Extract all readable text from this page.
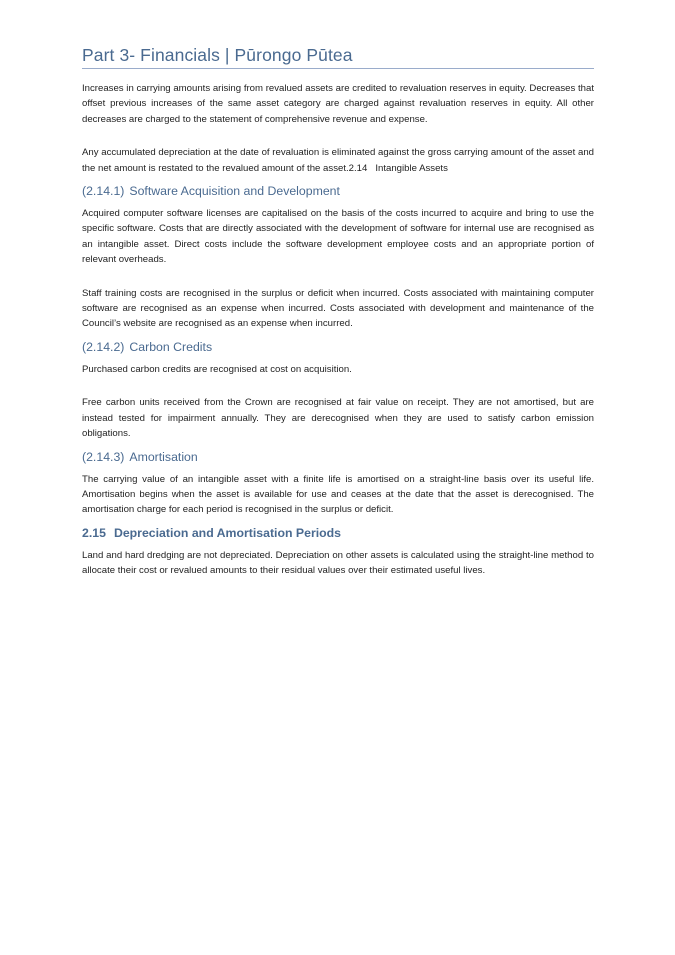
Part 3- Financials | Pūrongo Pūtea

Increases in carrying amounts arising from revalued assets are credited to revaluation reserves in equity. Decreases that offset previous increases of the same asset category are charged against revaluation reserves in equity. All other decreases are charged to the statement of comprehensive revenue and expense.

Any accumulated depreciation at the date of revaluation is eliminated against the gross carrying amount of the asset and the net amount is restated to the revalued amount of the asset.2.14   Intangible Assets

(2.14.1) Software Acquisition and Development

Acquired computer software licenses are capitalised on the basis of the costs incurred to acquire and bring to use the specific software. Costs that are directly associated with the development of software for internal use are recognised as an intangible asset. Direct costs include the software development employee costs and an appropriate portion of relevant overheads.

Staff training costs are recognised in the surplus or deficit when incurred. Costs associated with maintaining computer software are recognised as an expense when incurred. Costs associated with development and maintenance of the Council’s website are recognised as an expense when incurred.

(2.14.2) Carbon Credits

Purchased carbon credits are recognised at cost on acquisition.

Free carbon units received from the Crown are recognised at fair value on receipt. They are not amortised, but are instead tested for impairment annually. They are derecognised when they are used to satisfy carbon emission obligations.

(2.14.3) Amortisation

The carrying value of an intangible asset with a finite life is amortised on a straight-line basis over its useful life. Amortisation begins when the asset is available for use and ceases at the date that the asset is derecognised. The amortisation charge for each period is recognised in the surplus or deficit.

2.15 Depreciation and Amortisation Periods

Land and hard dredging are not depreciated. Depreciation on other assets is calculated using the straight-line method to allocate their cost or revalued amounts to their residual values over their estimated useful lives.
